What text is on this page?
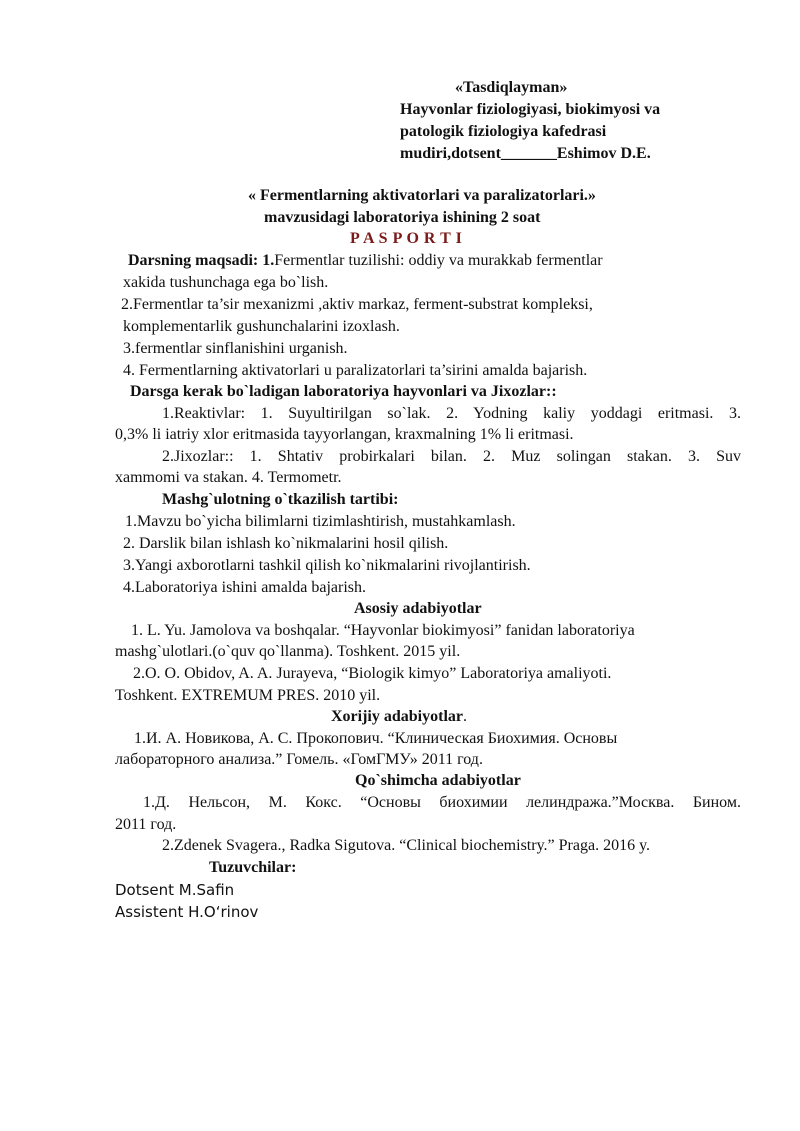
«Tasdiqlayman»
Hayvonlar fiziologiyasi, biokimyosi va
patologik fiziologiya kafedrasi
mudiri,dotsent_______Eshimov D.E.
« Fermentlarning aktivatorlari va paralizatorlari.»
mavzusidagi laboratoriya ishining 2 soat
P A S P O R T I
Darsning maqsadi: 1.Fermentlar tuzilishi: oddiy va murakkab fermentlar
xakida tushunchaga ega bo`lish.
2.Fermentlar ta’sir mexanizmi ,aktiv markaz, ferment-substrat kompleksi,
komplementarlik gushunchalarini izoxlash.
3.fermentlar sinflanishini urganish.
4. Fermentlarning aktivatorlari u paralizatorlari ta’sirini amalda bajarish.
Darsga kerak bo`ladigan laboratoriya hayvonlari va Jixozlar::
1.Reaktivlar: 1. Suyultirilgan so`lak. 2. Yodning kaliy yoddagi eritmasi. 3.
0,3% li iatriy xlor eritmasida tayyorlangan, kraxmalning 1% li eritmasi.
2.Jixozlar:: 1. Shtativ probirkalari bilan. 2. Muz solingan stakan. 3. Suv
xammomi va stakan. 4. Termometr.
Mashg`ulotning o`tkazilish tartibi:
1.Mavzu bo`yicha bilimlarni tizimlashtirish, mustahkamlash.
2. Darslik bilan ishlash ko`nikmalarini hosil qilish.
3.Yangi axborotlarni tashkil qilish ko`nikmalarini rivojlantirish.
4.Laboratoriya ishini amalda bajarish.
Asosiy adabiyotlar
1. L. Yu. Jamolova va boshqalar. “Hayvonlar biokimyosi” fanidan laboratoriya
mashg`ulotlari.(o`quv qo`llanma). Toshkent. 2015 yil.
2.O. O. Obidov, A. A. Jurayeva, “Biologik kimyo” Laboratoriya amaliyoti.
Toshkent. EXTREMUM PRES. 2010 yil.
Xorijiy adabiyotlar.
1.И. А. Новикова, А. С. Прокопович. “Клиническая Биохимия. Основы
лабораторного анализа.” Гомель. «ГомГМУ» 2011 год.
Qo`shimcha adabiyotlar
1.Д. Нельсон, М. Кокс. “Основы биохимии лелиндража.”Москва. Бином.
2011 год.
2.Zdenek Svagera., Radka Sigutova. “Clinical biochemistry.” Praga. 2016 y.
Tuzuvchilar:
Dotsent M.Safin
Assistent H.O‘rinov
